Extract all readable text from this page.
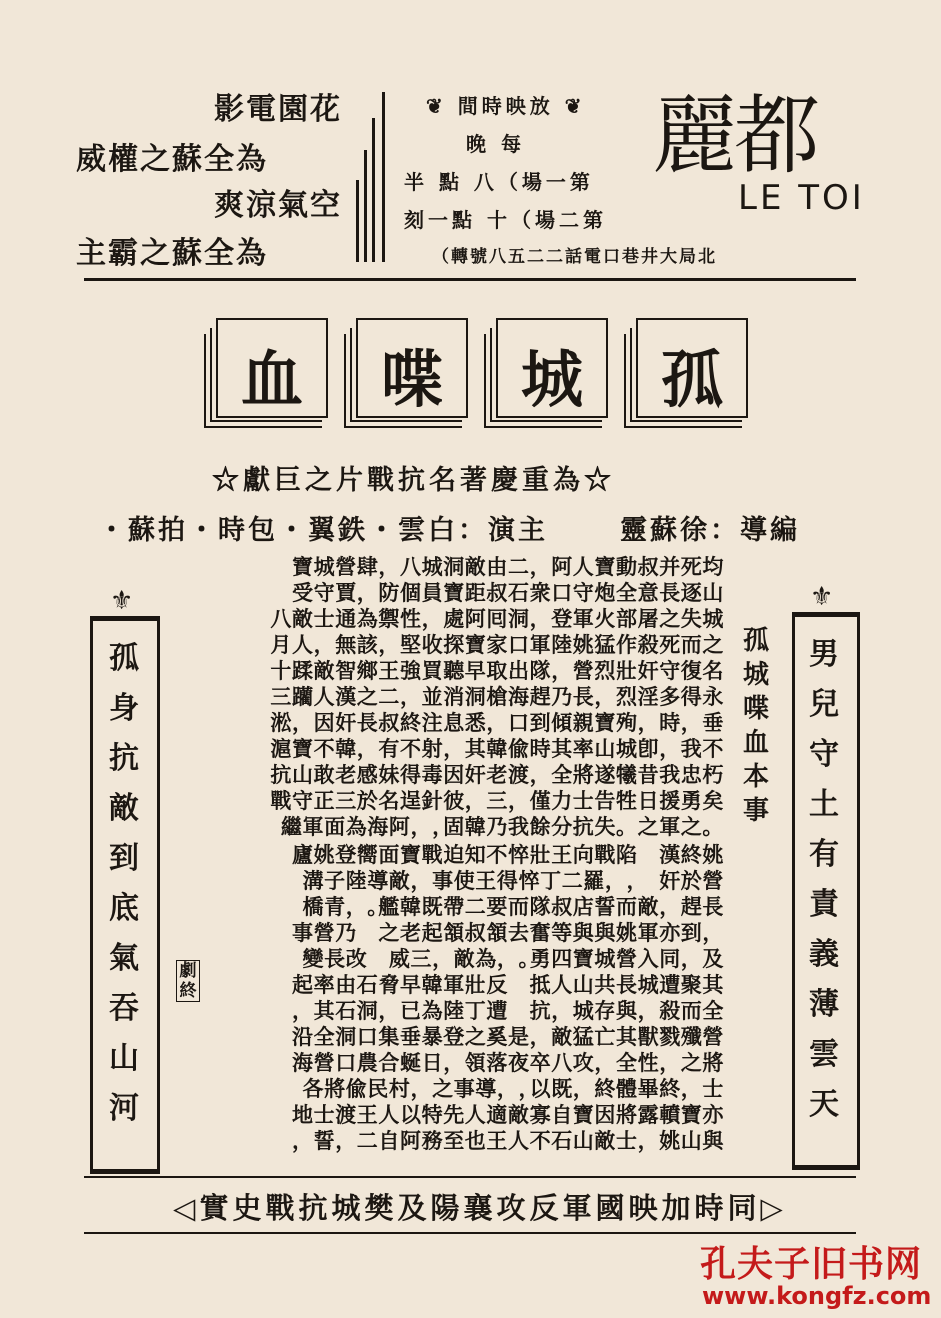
花園電影
為全蘇之權威
空氣涼爽
為全蘇之霸主
❦ 放映時間 ❦
每 晚
第一場）八 點 半
第二場）十 點一刻
北局大井巷口電話二二五八號轉）
都麗
LE TOI
血	喋	城	孤
☆為重慶著名抗戰片之巨獻☆
主演：白雲・鉄翼・包時・拍蘇・	編導：徐蘇靈
⚜
孤
身
抗
敵
到
底
氣
吞
山
河
⚜
男
兒
守
土
有
責
義
薄
雲
天
孤
城
喋
血
本
事
劇
終
均死并叔動寶人阿，二由敵洞城八，肆營城寶
山逐長意全炮守口衆石叔距寶員個防，賈守受
城失之屠部火軍登，洞囘阿處，性禦為通士敵八
之而死殺作猛姚陸軍口家寶探收堅，該無，人月
名復守奸壯烈營，隊出取早聽買強王鄉智敵蹂十
永得多淫烈，長乃趕海槍洞消並，二之漢人躪三
垂，時，殉寶親傾到口，悉息注終叔長奸因，淞
不我，卽城山率其時偸韓其，射不有，韓不寶滬
朽忠我昔犧遂將全，渡老奸因毒得妹感老敢山抗
矣勇援日牲告士力僅，三，彼針逞名於三正守戰
。之軍之。失抗分餘我乃韓固，，阿海為面軍繼
姚終漢　陷戰向王壯悴不知迫戰寶面嚮登姚廬
營於奸　，，羅二丁悴得王使事，敵導陸子溝
長趕，敵而誓店叔隊而要二帶既韓艦。，青橋
，到亦軍姚與與等奮去頷叔頷起老之　乃營事
及，同入營城寶四勇。，為敵，三威　改長變
其聚遭城長共山人抵　反壯軍韓早脅石由率起
全而殺，與存城，抗　遭丁陸為已，洞石其，
營殲戮獸其亡猛敵，是奚之登暴垂集口洞全沿
將之，性全，攻八卒夜落領，日蜒合農口營海
士，終畢體終，既以，，導事之，村民偸將各
亦寶轒露將因寶自寡敵適人先特以人王渡士地
與山姚，士敵山石不人王也至務阿自二，誓，
◁同時加映國軍反攻襄陽及樊城抗戰史實▷
孔夫子旧书网
www.kongfz.com
